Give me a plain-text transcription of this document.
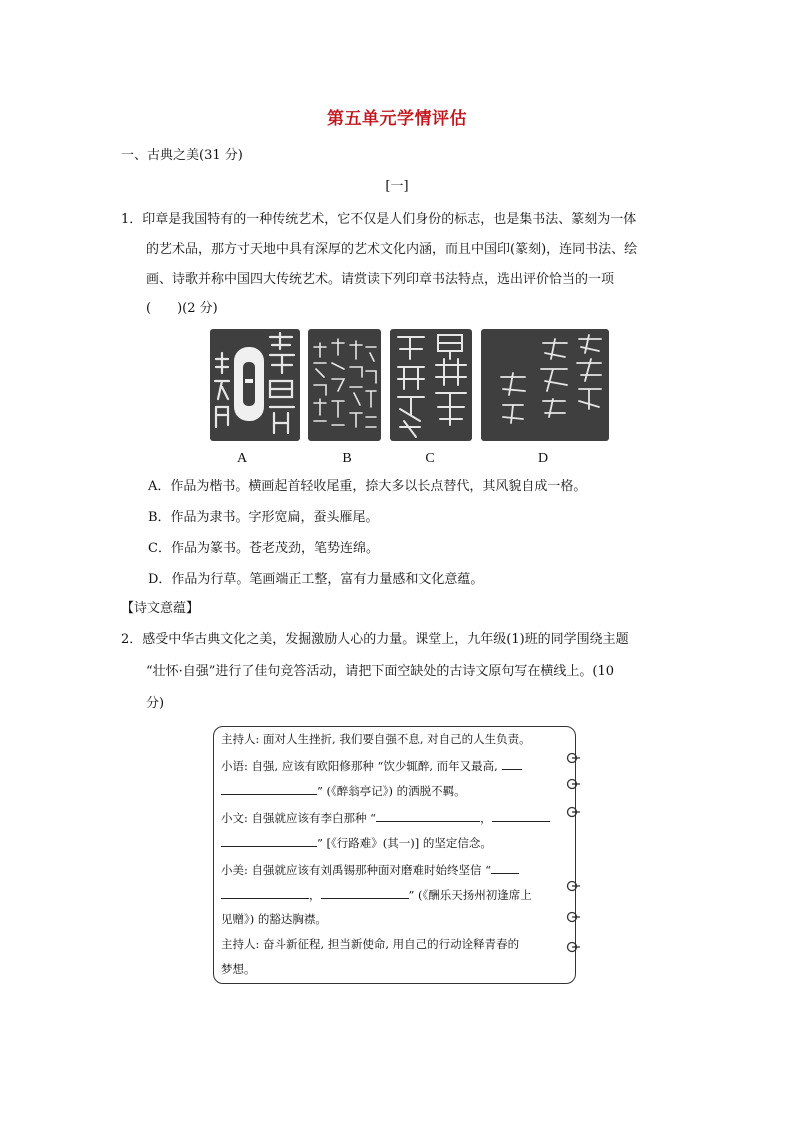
第五单元学情评估
一、古典之美(31 分)
[一]
1．印章是我国特有的一种传统艺术，它不仅是人们身份的标志，也是集书法、篆刻为一体
的艺术品，那方寸天地中具有深厚的艺术文化内涵，而且中国印(篆刻)，连同书法、绘
画、诗歌并称中国四大传统艺术。请赏读下列印章书法特点，选出评价恰当的一项
(　　)(2 分)
A	B	C	D
A．作品为楷书。横画起首轻收尾重，捺大多以长点替代，其风貌自成一格。
B．作品为隶书。字形宽扁，蚕头雁尾。
C．作品为篆书。苍老茂劲，笔势连绵。
D．作品为行草。笔画端正工整，富有力量感和文化意蕴。
【诗文意蕴】
2．感受中华古典文化之美，发掘激励人心的力量。课堂上，九年级(1)班的同学围绕主题
“壮怀·自强”进行了佳句竞答活动，请把下面空缺处的古诗文原句写在横线上。(10
分)
主持人: 面对人生挫折, 我们要自强不息, 对自己的人生负责。
小语: 自强, 应该有欧阳修那种 “饮少辄醉, 而年又最高,
” (《醉翁亭记》) 的洒脱不羁。
小文: 自强就应该有李白那种 “	，
” [《行路难》(其一)] 的坚定信念。
小美: 自强就应该有刘禹锡那种面对磨难时始终坚信 “
，	” (《酬乐天扬州初逢席上
见赠》) 的豁达胸襟。
主持人: 奋斗新征程, 担当新使命, 用自己的行动诠释青春的
梦想。
